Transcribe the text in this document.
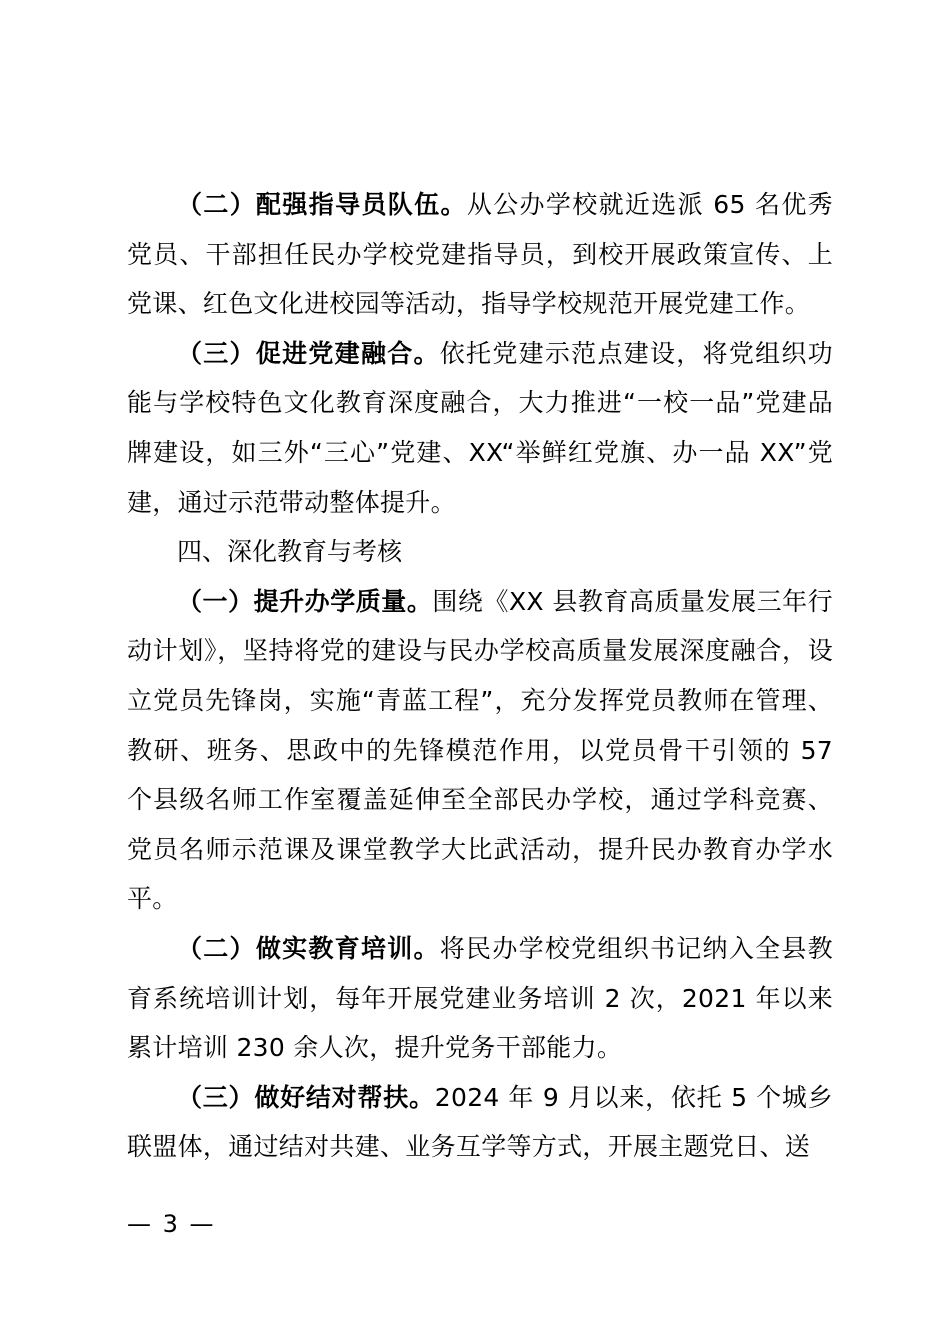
（二）配强指导员队伍。从公办学校就近选派 65 名优秀党员、干部担任民办学校党建指导员，到校开展政策宣传、上党课、红色文化进校园等活动，指导学校规范开展党建工作。

（三）促进党建融合。依托党建示范点建设，将党组织功能与学校特色文化教育深度融合，大力推进“一校一品”党建品牌建设，如三外“三心”党建、XX“举鲜红党旗、办一品 XX”党建，通过示范带动整体提升。

四、深化教育与考核

（一）提升办学质量。围绕《XX 县教育高质量发展三年行动计划》，坚持将党的建设与民办学校高质量发展深度融合，设立党员先锋岗，实施“青蓝工程”，充分发挥党员教师在管理、教研、班务、思政中的先锋模范作用，以党员骨干引领的 57 个县级名师工作室覆盖延伸至全部民办学校，通过学科竞赛、党员名师示范课及课堂教学大比武活动，提升民办教育办学水平。

（二）做实教育培训。将民办学校党组织书记纳入全县教育系统培训计划，每年开展党建业务培训 2 次，2021 年以来累计培训 230 余人次，提升党务干部能力。

（三）做好结对帮扶。2024 年 9 月以来，依托 5 个城乡联盟体，通过结对共建、业务互学等方式，开展主题党日、送

— 3 —
